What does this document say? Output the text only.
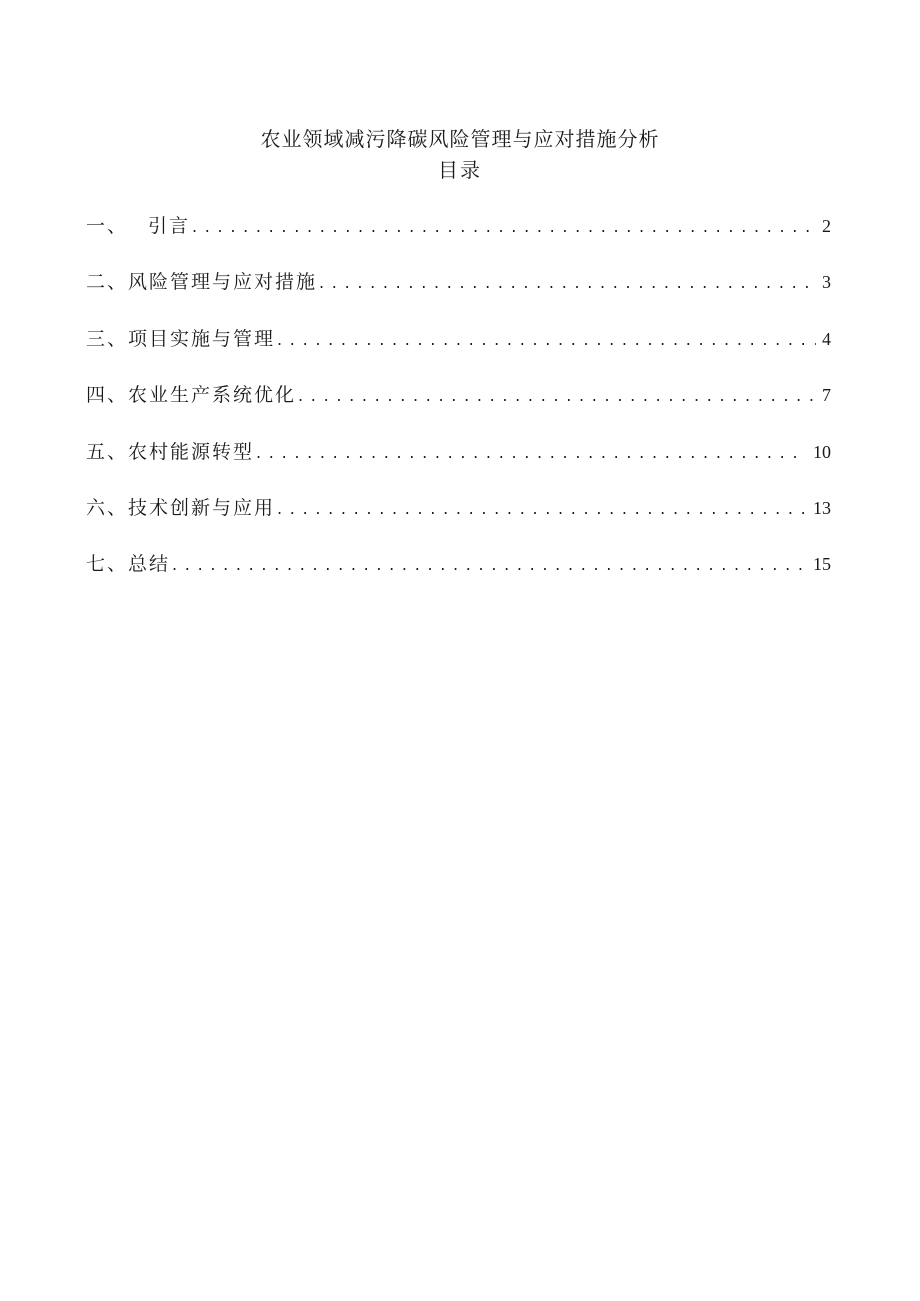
农业领域减污降碳风险管理与应对措施分析
目录
一、	引言 . . .	2
二、 风险管理与应对措施 . . .	3
三、 项目实施与管理 . . .	4
四、 农业生产系统优化 . . .	7
五、 农村能源转型 . . .	10
六、 技术创新与应用 . . .	13
七、 总结 . . .	15
